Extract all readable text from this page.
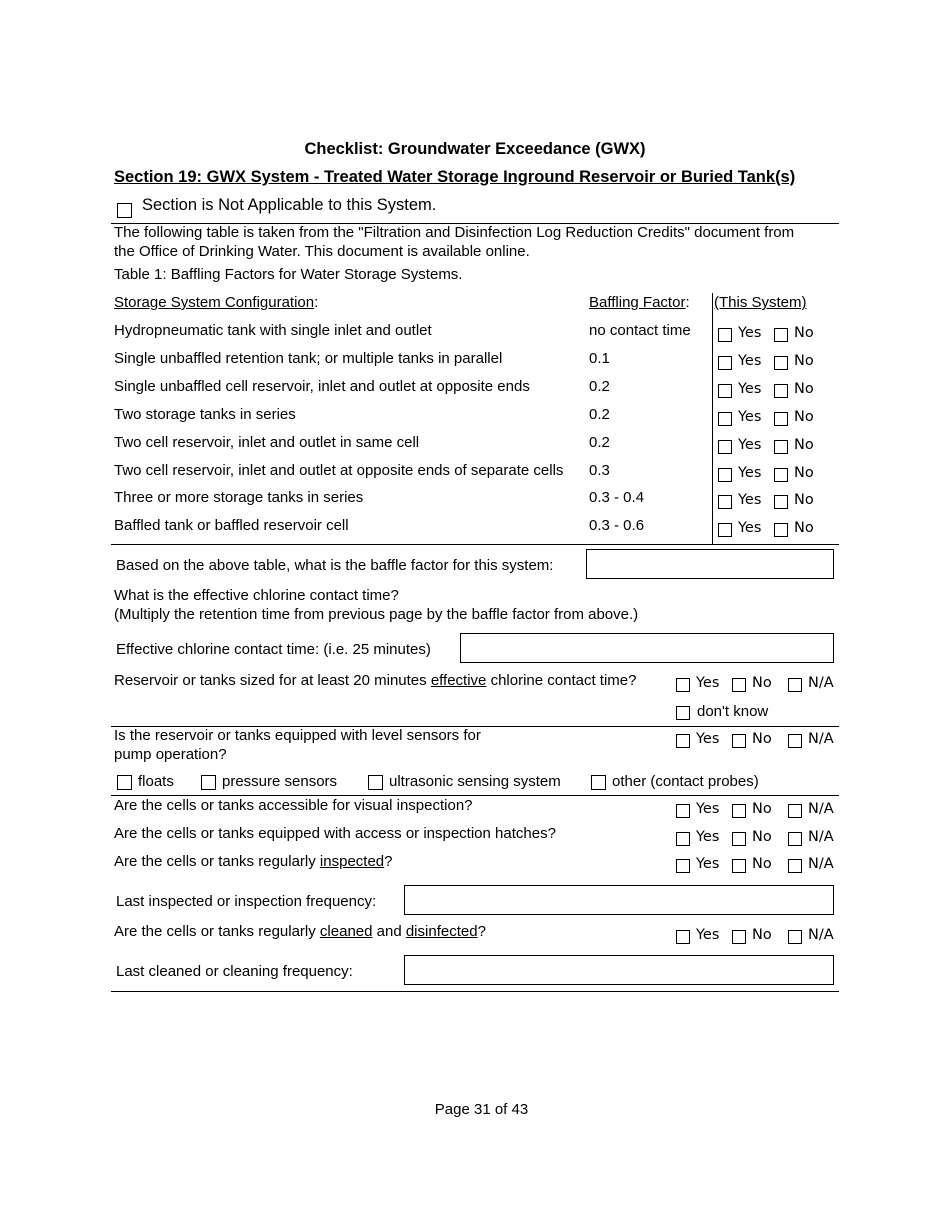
Checklist: Groundwater Exceedance (GWX)
Section 19: GWX System - Treated Water Storage Inground Reservoir or Buried Tank(s)
Section is Not Applicable to this System.
The following table is taken from the "Filtration and Disinfection Log Reduction Credits" document from
the Office of Drinking Water. This document is available online.
Table 1: Baffling Factors for Water Storage Systems.
Storage System Configuration:	Baffling Factor: (This System)
Hydropneumatic tank with single inlet and outlet	no contact time	Yes No
Single unbaffled retention tank; or multiple tanks in parallel	0.1	Yes No
Single unbaffled cell reservoir, inlet and outlet at opposite ends	0.2	Yes No
Two storage tanks in series	0.2	Yes No
Two cell reservoir, inlet and outlet in same cell	0.2	Yes No
Two cell reservoir, inlet and outlet at opposite ends of separate cells 0.3	Yes No
Three or more storage tanks in series	0.3 - 0.4	Yes No
Baffled tank or baffled reservoir cell	0.3 - 0.6	Yes No
Based on the above table, what is the baffle factor for this system:
What is the effective chlorine contact time?
(Multiply the retention time from previous page by the baffle factor from above.)
Effective chlorine contact time: (i.e. 25 minutes)
Reservoir or tanks sized for at least 20 minutes effective chlorine contact time?	Yes No	N/A
don't know
Is the reservoir or tanks equipped with level sensors for
pump operation?
Yes No	N/A
floats	pressure sensors	ultrasonic sensing system	other (contact probes)
Are the cells or tanks accessible for visual inspection?	Yes No	N/A
Are the cells or tanks equipped with access or inspection hatches?	Yes No	N/A
Are the cells or tanks regularly inspected?	Yes No	N/A
Last inspected or inspection frequency:
Are the cells or tanks regularly cleaned and disinfected?	Yes No	N/A
Last cleaned or cleaning frequency:
Page 31 of 43
